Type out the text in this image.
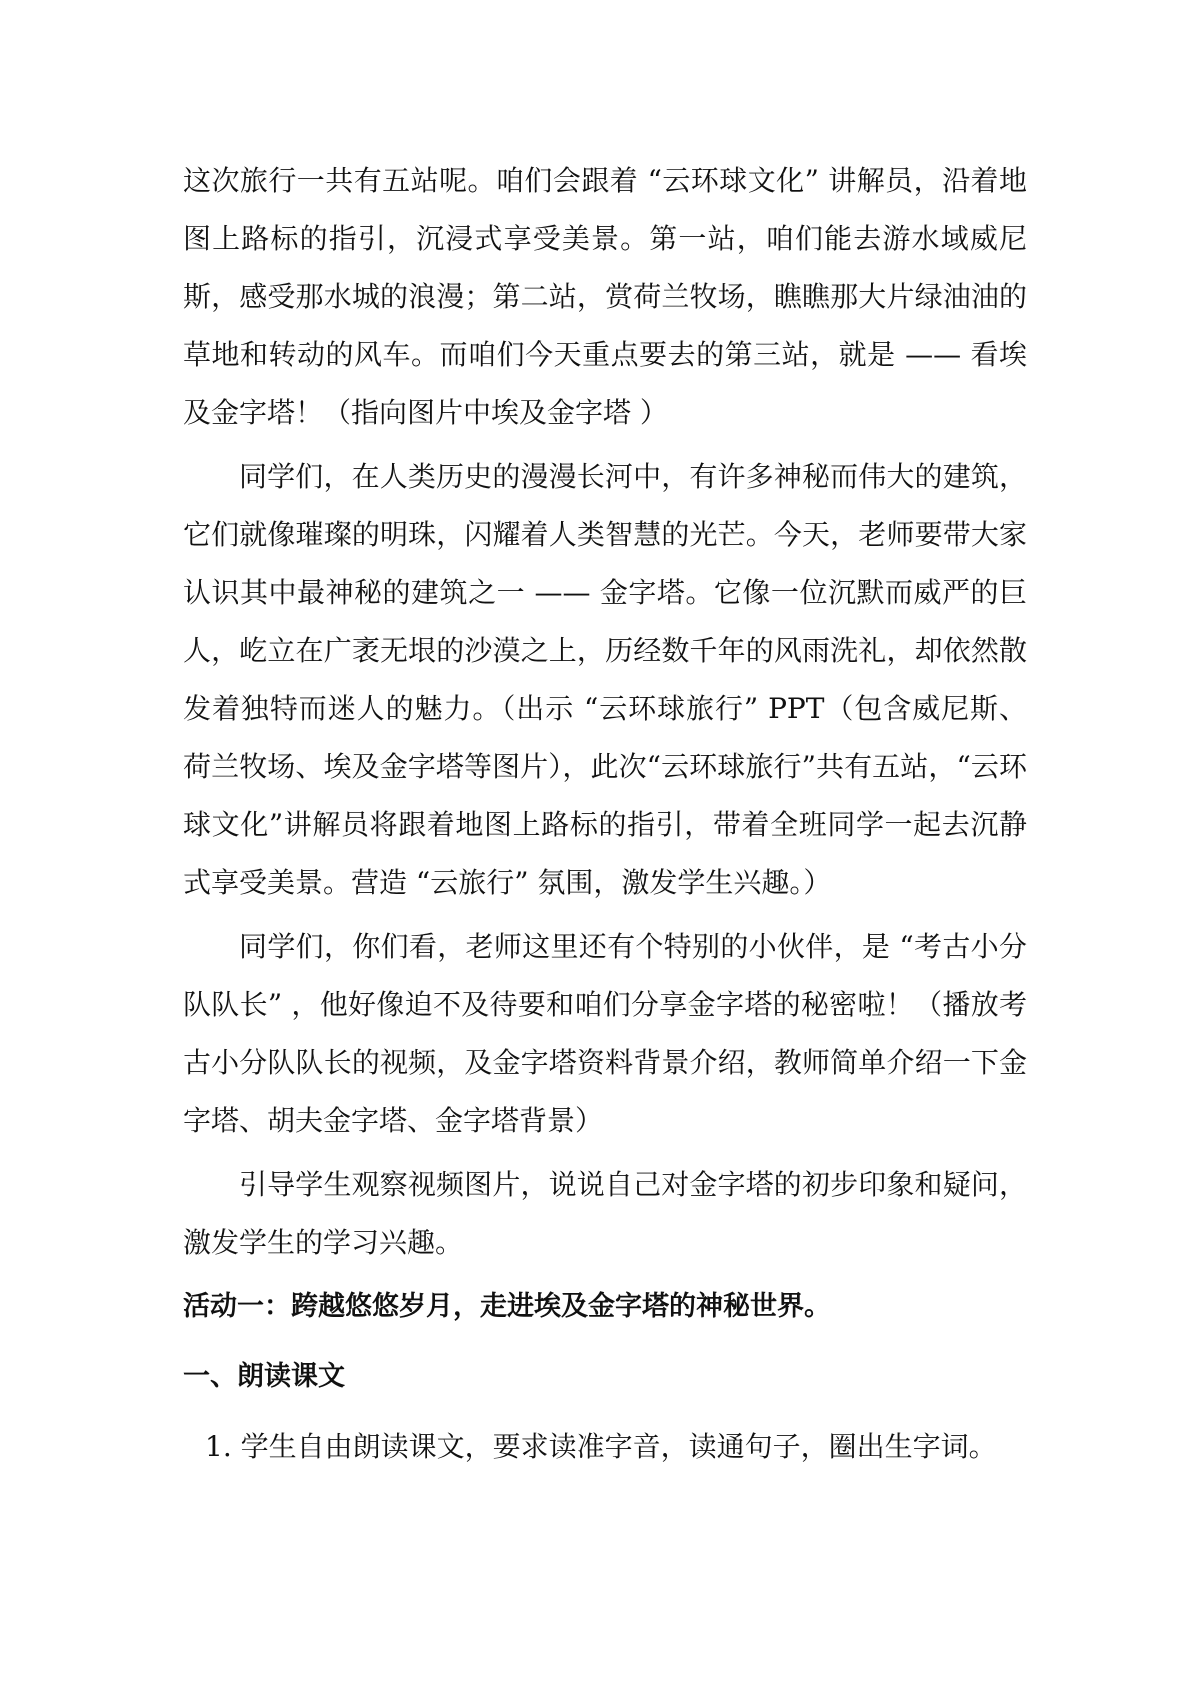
这次旅行一共有五站呢。咱们会跟着 “云环球文化” 讲解员，沿着地图上路标的指引，沉浸式享受美景。第一站，咱们能去游水域威尼斯，感受那水城的浪漫；第二站，赏荷兰牧场，瞧瞧那大片绿油油的草地和转动的风车。而咱们今天重点要去的第三站，就是 —— 看埃及金字塔！（指向图片中埃及金字塔 ）

同学们，在人类历史的漫漫长河中，有许多神秘而伟大的建筑，它们就像璀璨的明珠，闪耀着人类智慧的光芒。今天，老师要带大家认识其中最神秘的建筑之一 —— 金字塔。它像一位沉默而威严的巨人，屹立在广袤无垠的沙漠之上，历经数千年的风雨洗礼，却依然散发着独特而迷人的魅力。（出示 “云环球旅行” PPT（包含威尼斯、荷兰牧场、埃及金字塔等图片），此次“云环球旅行”共有五站，“云环球文化”讲解员将跟着地图上路标的指引，带着全班同学一起去沉静式享受美景。营造 “云旅行” 氛围，激发学生兴趣。）

同学们，你们看，老师这里还有个特别的小伙伴，是 “考古小分队队长” ，他好像迫不及待要和咱们分享金字塔的秘密啦！（播放考古小分队队长的视频，及金字塔资料背景介绍，教师简单介绍一下金字塔、胡夫金字塔、金字塔背景）

引导学生观察视频图片，说说自己对金字塔的初步印象和疑问，激发学生的学习兴趣。

活动一：跨越悠悠岁月，走进埃及金字塔的神秘世界。
一、朗读课文

1. 学生自由朗读课文，要求读准字音，读通句子，圈出生字词。
